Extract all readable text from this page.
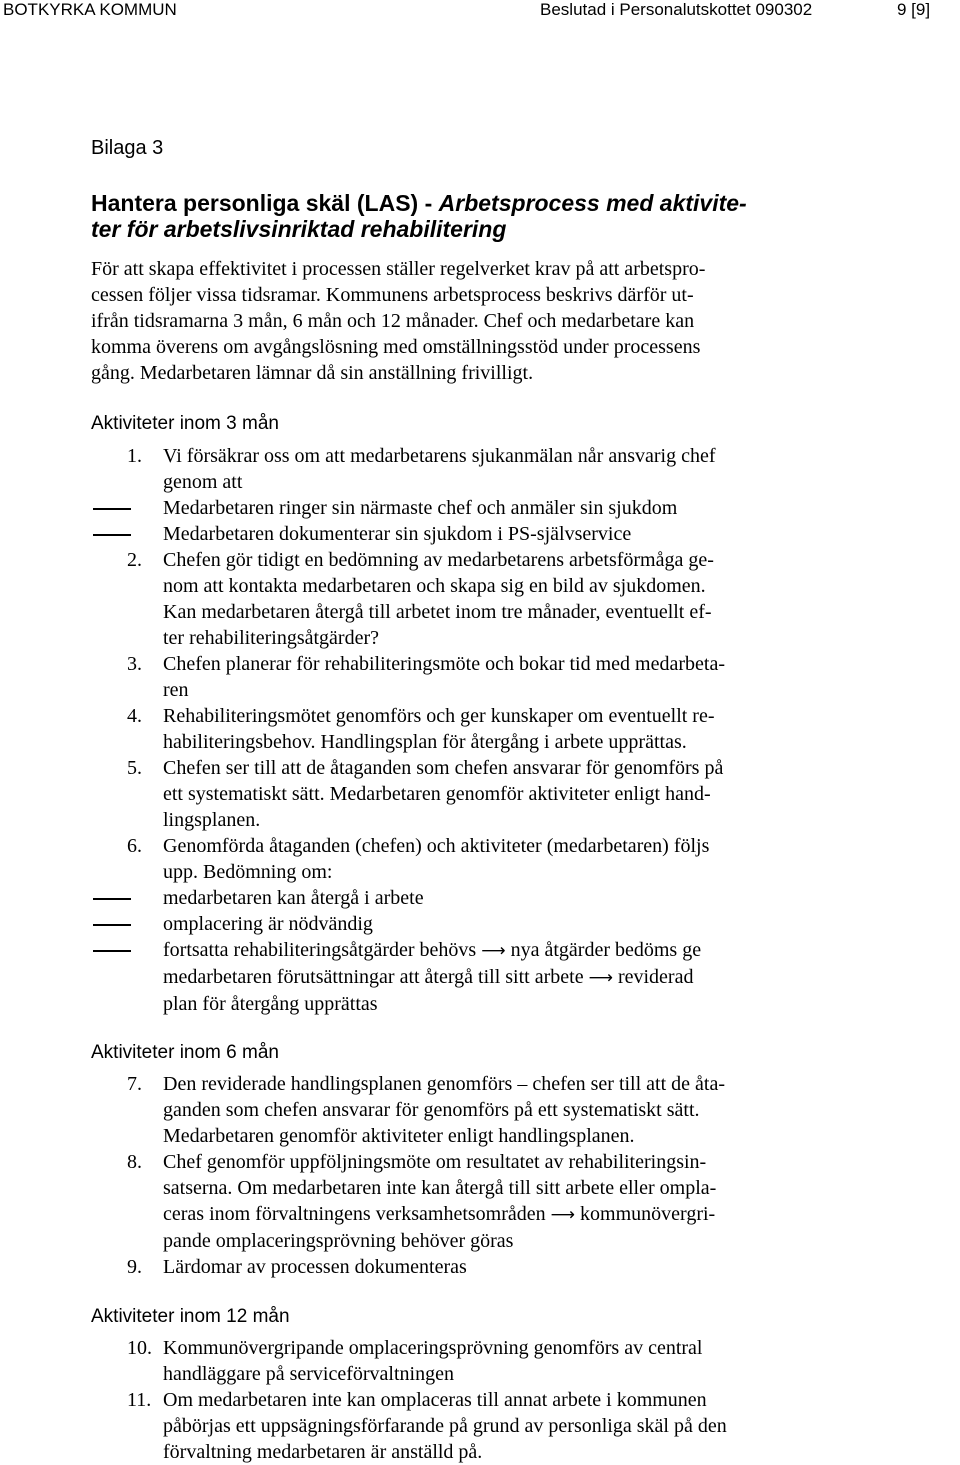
BOTKYRKA KOMMUN	Beslutad i Personalutskottet 090302	9 [9]
Bilaga 3
Hantera personliga skäl (LAS) - Arbetsprocess med aktivite-
ter för arbetslivsinriktad rehabilitering
För att skapa effektivitet i processen ställer regelverket krav på att arbetspro-
cessen följer vissa tidsramar. Kommunens arbetsprocess beskrivs därför ut-
ifrån tidsramarna 3 mån, 6 mån och 12 månader. Chef och medarbetare kan
komma överens om avgångslösning med omställningsstöd under processens
gång. Medarbetaren lämnar då sin anställning frivilligt.
Aktiviteter inom 3 mån
1.	Vi försäkrar oss om att medarbetarens sjukanmälan når ansvarig chef
genom att
Medarbetaren ringer sin närmaste chef och anmäler sin sjukdom
Medarbetaren dokumenterar sin sjukdom i PS-självservice
2.	Chefen gör tidigt en bedömning av medarbetarens arbetsförmåga ge-
nom att kontakta medarbetaren och skapa sig en bild av sjukdomen.
Kan medarbetaren återgå till arbetet inom tre månader, eventuellt ef-
ter rehabiliteringsåtgärder?
3.	Chefen planerar för rehabiliteringsmöte och bokar tid med medarbeta-
ren
4.	Rehabiliteringsmötet genomförs och ger kunskaper om eventuellt re-
habiliteringsbehov. Handlingsplan för återgång i arbete upprättas.
5.	Chefen ser till att de åtaganden som chefen ansvarar för genomförs på
ett systematiskt sätt. Medarbetaren genomför aktiviteter enligt hand-
lingsplanen.
6.	Genomförda åtaganden (chefen) och aktiviteter (medarbetaren) följs
upp. Bedömning om:
medarbetaren kan återgå i arbete
omplacering är nödvändig
fortsatta rehabiliteringsåtgärder behövs ⟶ nya åtgärder bedöms ge
medarbetaren förutsättningar att återgå till sitt arbete ⟶ reviderad
plan för återgång upprättas
Aktiviteter inom 6 mån
7.	Den reviderade handlingsplanen genomförs – chefen ser till att de åta-
ganden som chefen ansvarar för genomförs på ett systematiskt sätt.
Medarbetaren genomför aktiviteter enligt handlingsplanen.
8.	Chef genomför uppföljningsmöte om resultatet av rehabiliteringsin-
satserna. Om medarbetaren inte kan återgå till sitt arbete eller ompla-
ceras inom förvaltningens verksamhetsområden ⟶ kommunövergri-
pande omplaceringsprövning behöver göras
9.	Lärdomar av processen dokumenteras
Aktiviteter inom 12 mån
10. Kommunövergripande omplaceringsprövning genomförs av central
handläggare på serviceförvaltningen
11. Om medarbetaren inte kan omplaceras till annat arbete i kommunen
påbörjas ett uppsägningsförfarande på grund av personliga skäl på den
förvaltning medarbetaren är anställd på.
